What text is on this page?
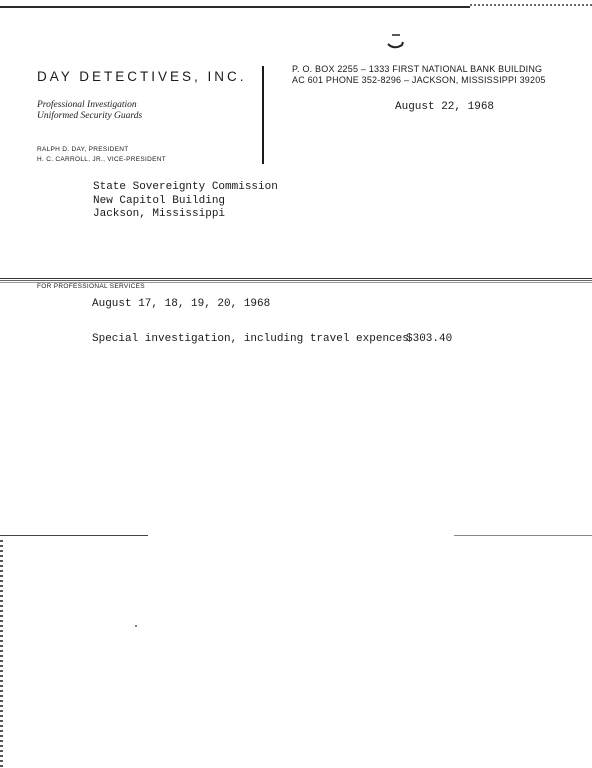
DAY DETECTIVES, INC.
Professional Investigation
Uniformed Security Guards
RALPH D. DAY, PRESIDENT
H. C. CARROLL, JR., VICE-PRESIDENT
P. O. BOX 2255 – 1333 FIRST NATIONAL BANK BUILDING
AC 601 PHONE 352-8296 – JACKSON, MISSISSIPPI 39205
August 22, 1968
State Sovereignty Commission
New Capitol Building
Jackson, Mississippi
FOR PROFESSIONAL SERVICES
August 17, 18, 19, 20, 1968
Special investigation, including travel expences
$303.40
